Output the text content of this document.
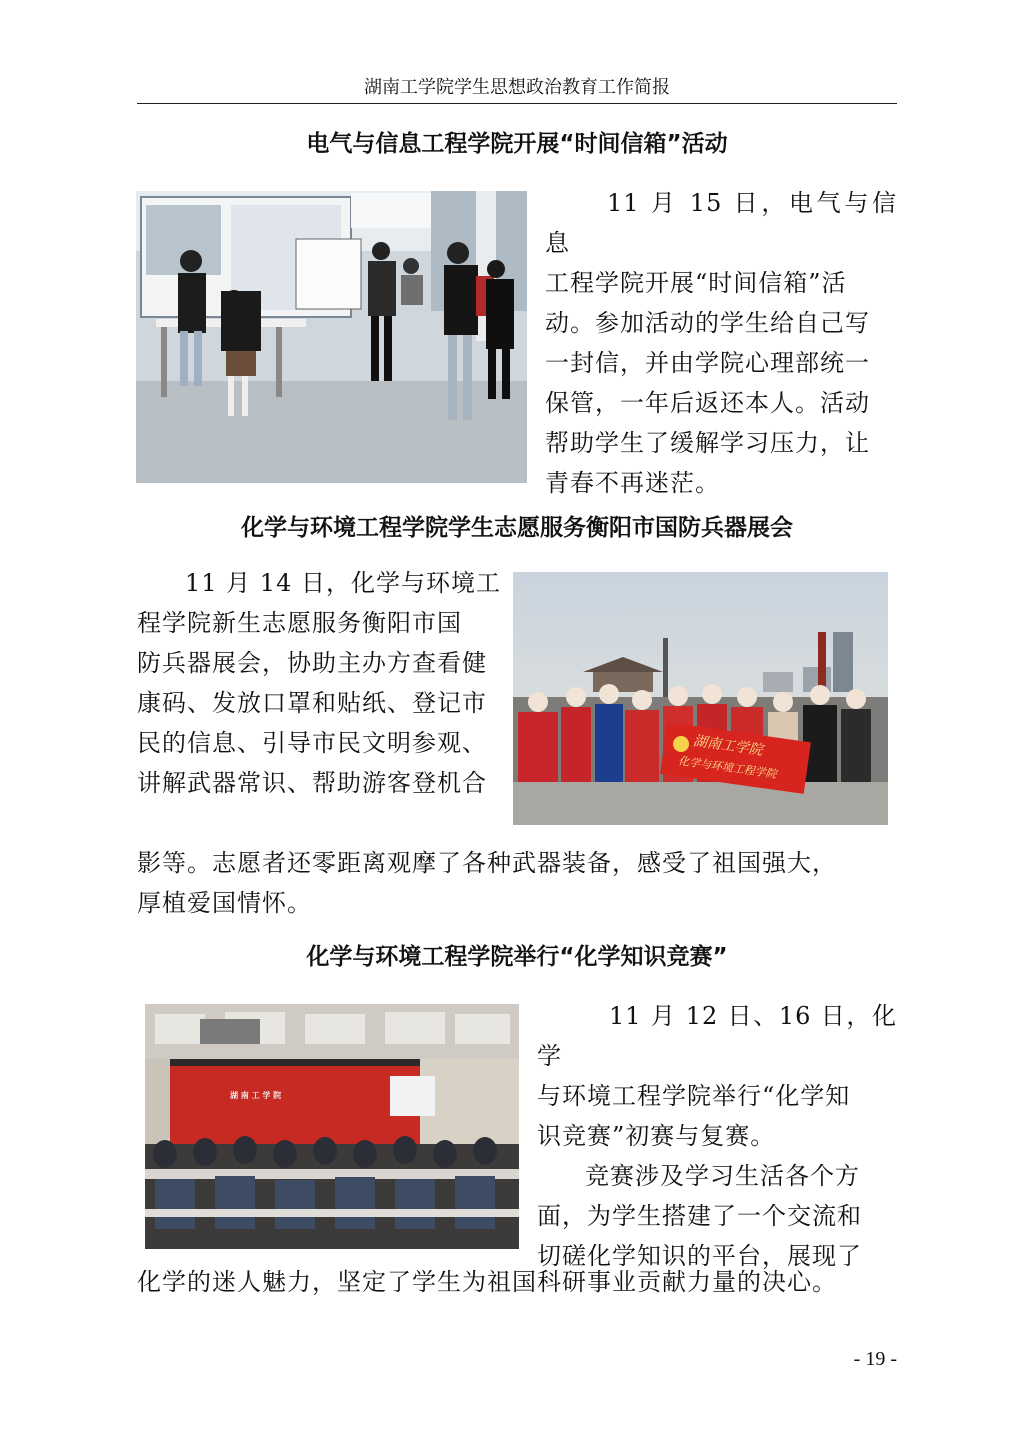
湖南工学院学生思想政治教育工作简报
电气与信息工程学院开展“时间信箱”活动
11 月 15 日，电气与信息
工程学院开展“时间信箱”活
动。参加活动的学生给自己写
一封信，并由学院心理部统一
保管，一年后返还本人。活动
帮助学生了缓解学习压力，让
青春不再迷茫。
化学与环境工程学院学生志愿服务衡阳市国防兵器展会
11 月 14 日，化学与环境工
程学院新生志愿服务衡阳市国
防兵器展会，协助主办方查看健
康码、发放口罩和贴纸、登记市
民的信息、引导市民文明参观、
讲解武器常识、帮助游客登机合
湖南工学院
化学与环境工程学院
影等。志愿者还零距离观摩了各种武器装备，感受了祖国强大，
厚植爱国情怀。
化学与环境工程学院举行“化学知识竞赛”
湖 南 工 学 院
11 月 12 日、16 日，化学
与环境工程学院举行“化学知
识竞赛”初赛与复赛。
竞赛涉及学习生活各个方
面，为学生搭建了一个交流和
切磋化学知识的平台，展现了
化学的迷人魅力，坚定了学生为祖国科研事业贡献力量的决心。
- 19 -
